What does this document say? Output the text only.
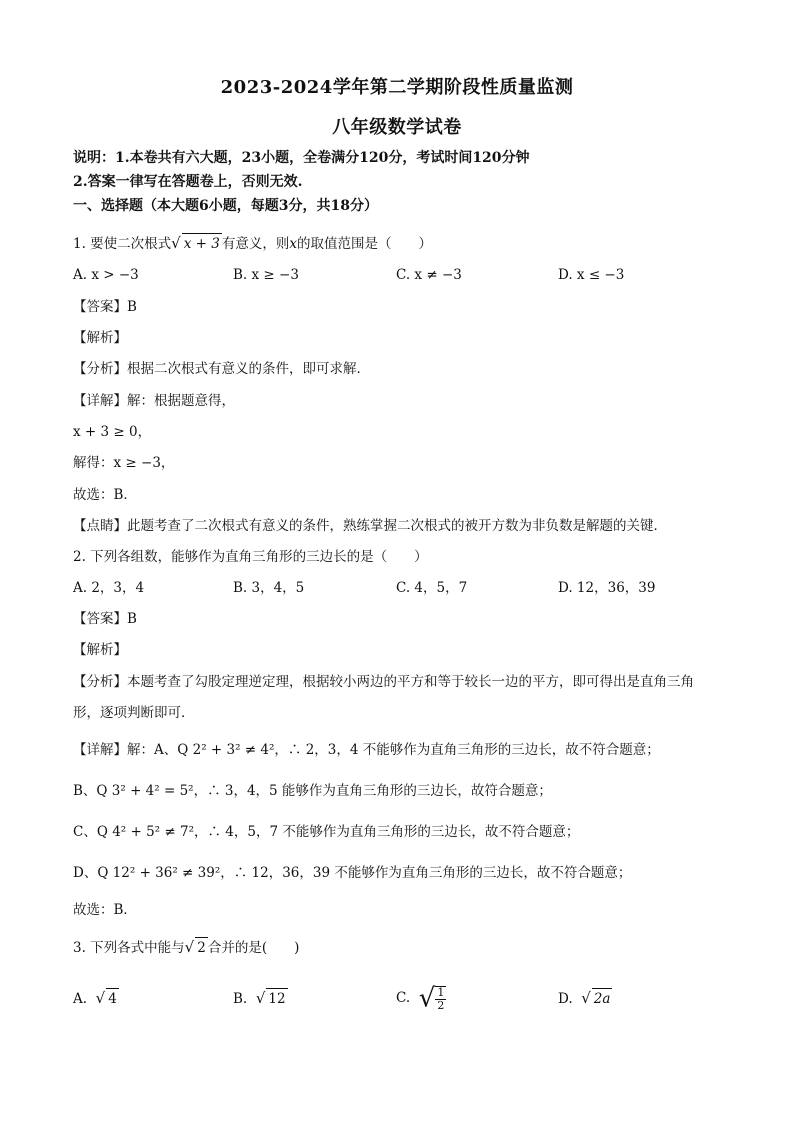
2023-2024学年第二学期阶段性质量监测
八年级数学试卷
说明：1.本卷共有六大题，23小题，全卷满分120分，考试时间120分钟
2.答案一律写在答题卷上，否则无效.
一、选择题（本大题6小题，每题3分，共18分）
1. 要使二次根式√ x + 3 有意义，则x的取值范围是（　　）
A. x > −3	B. x ≥ −3	C. x ≠ −3	D. x ≤ −3
【答案】B
【解析】
【分析】根据二次根式有意义的条件，即可求解．
【详解】解：根据题意得，
x + 3 ≥ 0，
解得：x ≥ −3，
故选：B．
【点睛】此题考查了二次根式有意义的条件，熟练掌握二次根式的被开方数为非负数是解题的关键．
2. 下列各组数，能够作为直角三角形的三边长的是（　　）
A. 2，3，4	B. 3，4，5	C. 4，5，7	D. 12，36，39
【答案】B
【解析】
【分析】本题考查了勾股定理逆定理，根据较小两边的平方和等于较长一边的平方，即可得出是直角三角
形，逐项判断即可．
【详解】解：A、Q 2² + 3² ≠ 4²，∴ 2，3，4 不能够作为直角三角形的三边长，故不符合题意；
B、Q 3² + 4² = 5²，∴ 3，4，5 能够作为直角三角形的三边长，故符合题意；
C、Q 4² + 5² ≠ 7²，∴ 4，5，7 不能够作为直角三角形的三边长，故不符合题意；
D、Q 12² + 36² ≠ 39²，∴ 12，36，39 不能够作为直角三角形的三边长，故不符合题意；
故选：B．
3. 下列各式中能与√ 2 合并的是(　　)
A. √ 4	B. √ 12	C. √ $\frac{1}{2}$	D. √ 2a
